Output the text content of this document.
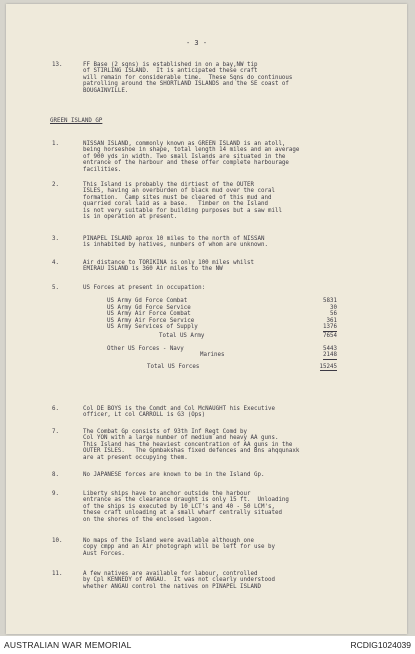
- 3 -
13.	FF Base (2 sqns) is established in on a bay,NW tip
of STIRLING ISLAND.  It is anticipated these craft
will remain for considerable time.  These Sqns do continuous
patrolling around the SHORTLAND ISLANDS and the SE coast of
BOUGAINVILLE.
GREEN ISLAND GP
1.	NISSAN ISLAND, commonly known as GREEN ISLAND is an atoll,
being horseshoe in shape, total length 14 miles and an average
of 900 yds in width. Two small Islands are situated in the
entrance of the harbour and these offer complete harbourage
facilities.
2.	This Island is probably the dirtiest of the OUTER
ISLES, having an overburden of black mud over the coral
formation.  Camp sites must be cleared of this mud and
quarried coral laid as a base.   Timber on the Island
is not very suitable for building purposes but a saw mill
is in operation at present.
3.	PINAPEL ISLAND aprox 10 miles to the north of NISSAN
is inhabited by natives, numbers of whom are unknown.
4.	Air distance to TORIKINA is only 100 miles whilst
EMIRAU ISLAND is 360 Air miles to the NW
5.	US Forces at present in occupation:
US Army Gd Force Combat	5831
US Army Gd Force Service	30
US Army Air Force Combat	56
US Army Air Force Service	361
US Army Services of Supply	1376
Total US Army	7654
Other US Forces - Navy	5443
Marines	2148
Total US Forces	15245
6.	Col DE BOYS is the Comdt and Col McNAUGHT his Executive
officer, Lt col CARROLL is G3 (Ops)
7.	The Combat Gp consists of 93th Inf Regt Comd by
Col YON with a large number of medium and heavy AA guns.
This Island has the heaviest concentration of AA guns in the
OUTER ISLES.   The Gpmbakshas fixed defences and Bns ahqqunaxk
are at present occupying them.
8.	No JAPANESE forces are known to be in the Island Gp.
9.	Liberty ships have to anchor outside the harbour
entrance as the clearance draught is only 15 ft.  Unloading
of the ships is executed by 10 LCT's and 40 - 50 LCM's,
these craft unloading at a small wharf centrally situated
on the shores of the enclosed lagoon.
10.	No maps of the Island were available although one
copy cmpp and an Air photograph will be left for use by
Aust Forces.
11.	A few natives are available for labour, controlled
by Cpl KENNEDY of ANGAU.  It was not clearly understood
whether ANGAU control the natives on PINAPEL ISLAND
AUSTRALIAN WAR MEMORIAL	RCDIG1024039
